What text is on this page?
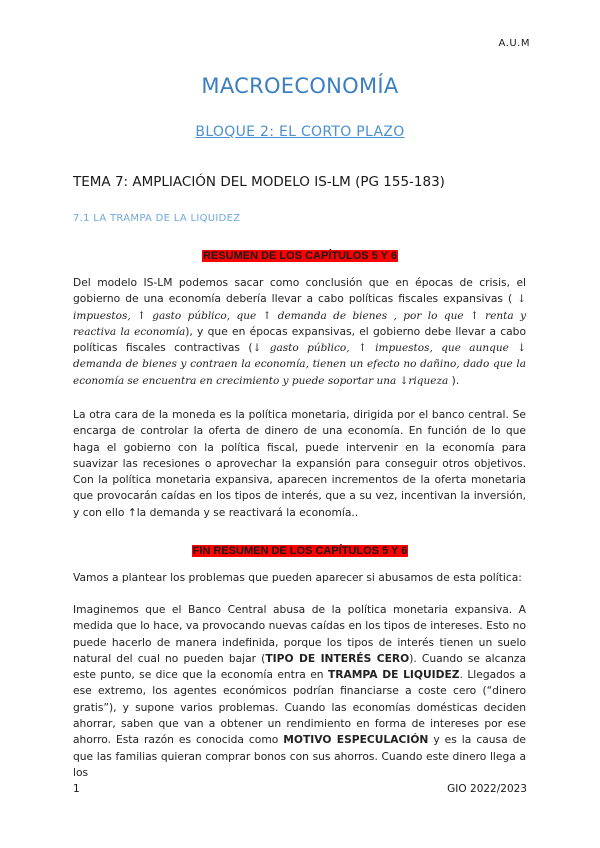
A.U.M
MACROECONOMÍA
BLOQUE 2: EL CORTO PLAZO
TEMA 7: AMPLIACIÓN DEL MODELO IS-LM (PG 155-183)
7.1 LA TRAMPA DE LA LIQUIDEZ
RESUMEN DE LOS CAPÍTULOS 5 Y 6
Del modelo IS-LM podemos sacar como conclusión que en épocas de crisis, el gobierno de una economía debería llevar a cabo políticas fiscales expansivas ( ↓ impuestos, ↑ gasto público, que ↑ demanda de bienes , por lo que ↑ renta y reactiva la economía), y que en épocas expansivas, el gobierno debe llevar a cabo políticas fiscales contractivas (↓ gasto público, ↑ impuestos, que aunque ↓ demanda de bienes y contraen la economía, tienen un efecto no dañino, dado que la economía se encuentra en crecimiento y puede soportar una ↓riqueza ).
La otra cara de la moneda es la política monetaria, dirigida por el banco central. Se encarga de controlar la oferta de dinero de una economía. En función de lo que haga el gobierno con la política fiscal, puede intervenir en la economía para suavizar las recesiones o aprovechar la expansión para conseguir otros objetivos. Con la política monetaria expansiva, aparecen incrementos de la oferta monetaria que provocarán caídas en los tipos de interés, que a su vez, incentivan la inversión, y con ello ↑la demanda y se reactivará la economía..
FIN RESUMEN DE LOS CAPÍTULOS 5 Y 6
Vamos a plantear los problemas que pueden aparecer si abusamos de esta política:
Imaginemos que el Banco Central abusa de la política monetaria expansiva. A medida que lo hace, va provocando nuevas caídas en los tipos de intereses. Esto no puede hacerlo de manera indefinida, porque los tipos de interés tienen un suelo natural del cual no pueden bajar (TIPO DE INTERÉS CERO). Cuando se alcanza este punto, se dice que la economía entra en TRAMPA DE LIQUIDEZ. Llegados a ese extremo, los agentes económicos podrían financiarse a coste cero (“dinero gratis”), y supone varios problemas. Cuando las economías domésticas deciden ahorrar, saben que van a obtener un rendimiento en forma de intereses por ese ahorro. Esta razón es conocida como MOTIVO ESPECULACIÓN y es la causa de que las familias quieran comprar bonos con sus ahorros. Cuando este dinero llega a los
1	GIO 2022/2023
